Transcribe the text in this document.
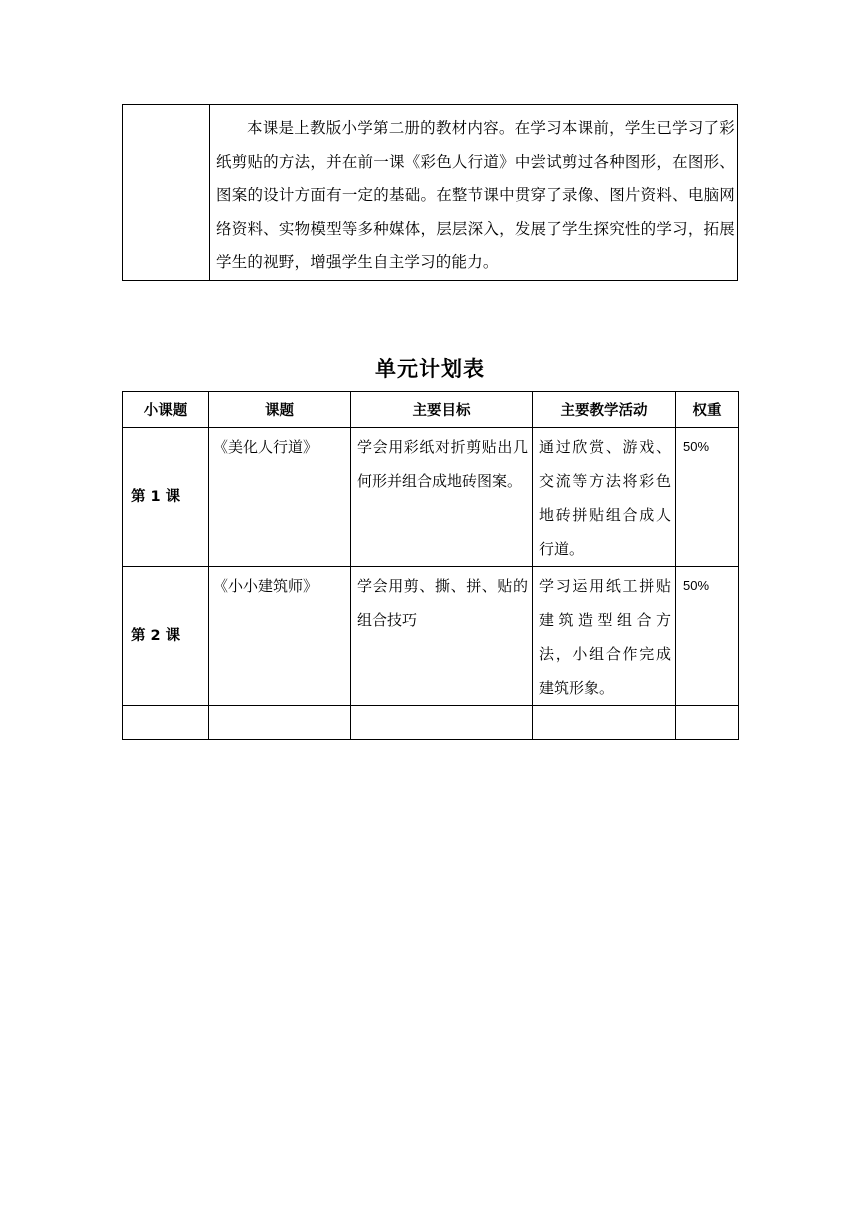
本课是上教版小学第二册的教材内容。在学习本课前，学生已学习了彩纸剪贴的方法，并在前一课《彩色人行道》中尝试剪过各种图形，在图形、图案的设计方面有一定的基础。在整节课中贯穿了录像、图片资料、电脑网络资料、实物模型等多种媒体，层层深入，发展了学生探究性的学习，拓展学生的视野，增强学生自主学习的能力。
单元计划表
小课题	课题	主要目标	主要教学活动	权重
第 1 课	《美化人行道》	学会用彩纸对折剪贴出几何形并组合成地砖图案。	通过欣赏、游戏、交流等方法将彩色地砖拼贴组合成人行道。	50%
第 2 课	《小小建筑师》	学会用剪、撕、拼、贴的组合技巧	学习运用纸工拼贴建筑造型组合方法，小组合作完成建筑形象。	50%
